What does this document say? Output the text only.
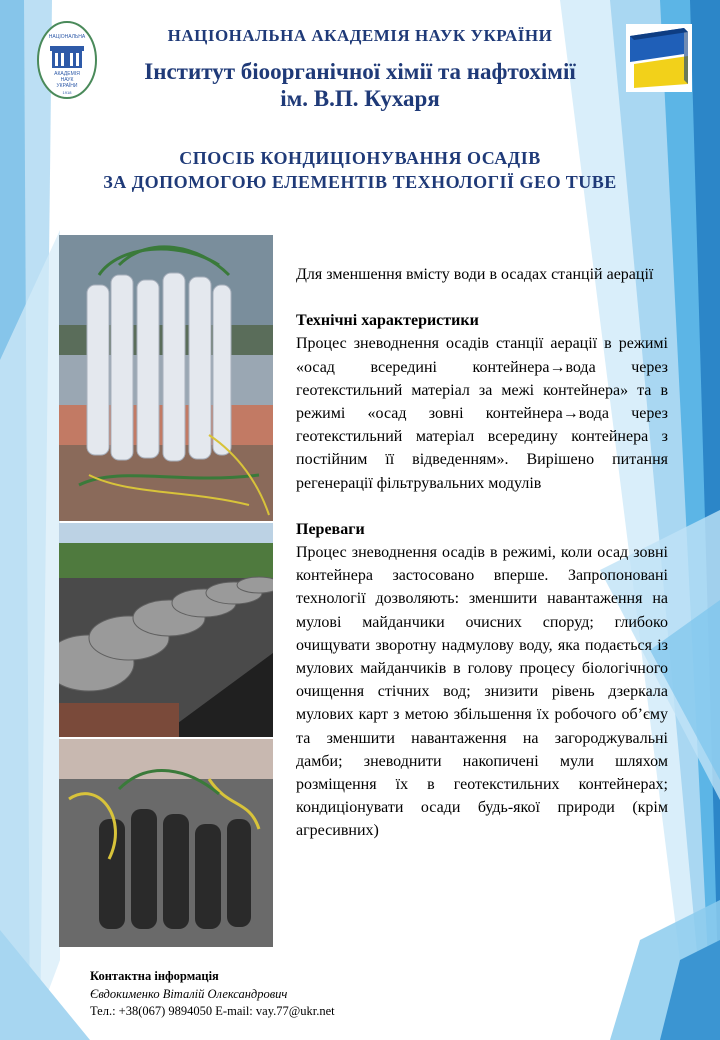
НАЦІОНАЛЬНА
АКАДЕМІЯ
НАУК
УКРАЇНИ
1918
НАЦІОНАЛЬНА АКАДЕМІЯ НАУК УКРАЇНИ
Інститут біоорганічної хімії та нафтохімії
ім. В.П. Кухаря
СПОСІБ КОНДИЦІОНУВАННЯ ОСАДІВ
ЗА ДОПОМОГОЮ ЕЛЕМЕНТІВ ТЕХНОЛОГІЇ GEO TUBE

Для зменшення вмісту води в осадах станцій аерації

Технічні характеристики

Процес зневоднення осадів станції аерації в режимі «осад всередині контейнера→вода через геотекстильний матеріал за межі контейнера» та в режимі «осад зовні контейнера→вода через геотекстильний матеріал всередину контейнера з постійним її відведенням». Вирішено питання регенерації фільтрувальних модулів

Переваги

Процес зневоднення осадів в режимі, коли осад зовні контейнера застосовано вперше. Запропоновані технології дозволяють: зменшити навантаження на мулові майданчики очисних споруд; глибоко очищувати зворотну надмулову воду, яка подається із мулових майданчиків в голову процесу біологічного очищення стічних вод; знизити рівень дзеркала мулових карт з метою збільшення їх робочого об’єму та зменшити навантаження на загороджувальні дамби; зневоднити накопичені мули шляхом розміщення їх в геотекстильних контейнерах; кондиціонувати осади будь-якої природи (крім агресивних)

Контактна інформація
Євдокименко Віталій Олександрович
Тел.: +38(067) 9894050 E-mail: vay.77@ukr.net
